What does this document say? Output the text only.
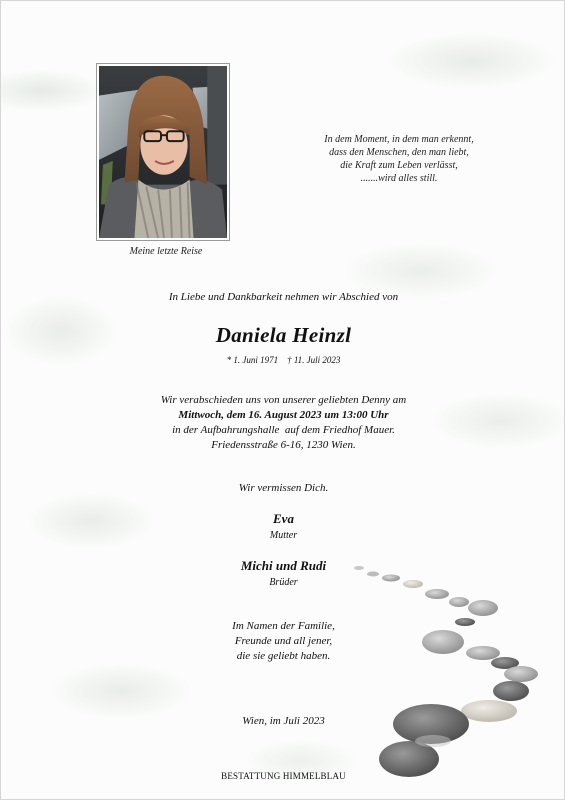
Meine letzte Reise
In dem Moment, in dem man erkennt,
dass den Menschen, den man liebt,
die Kraft zum Leben verlässt,
.......wird alles still.
In Liebe und Dankbarkeit nehmen wir Abschied von
Daniela Heinzl
* 1. Juni 1971    † 11. Juli 2023
Wir verabschieden uns von unserer geliebten Denny am
Mittwoch, dem 16. August 2023 um 13:00 Uhr
in der Aufbahrungshalle  auf dem Friedhof Mauer.
Friedensstraße 6-16, 1230 Wien.
Wir vermissen Dich.
Eva
Mutter
Michi und Rudi
Brüder
Im Namen der Familie,
Freunde und all jener,
die sie geliebt haben.
Wien, im Juli 2023
BESTATTUNG HIMMELBLAU
